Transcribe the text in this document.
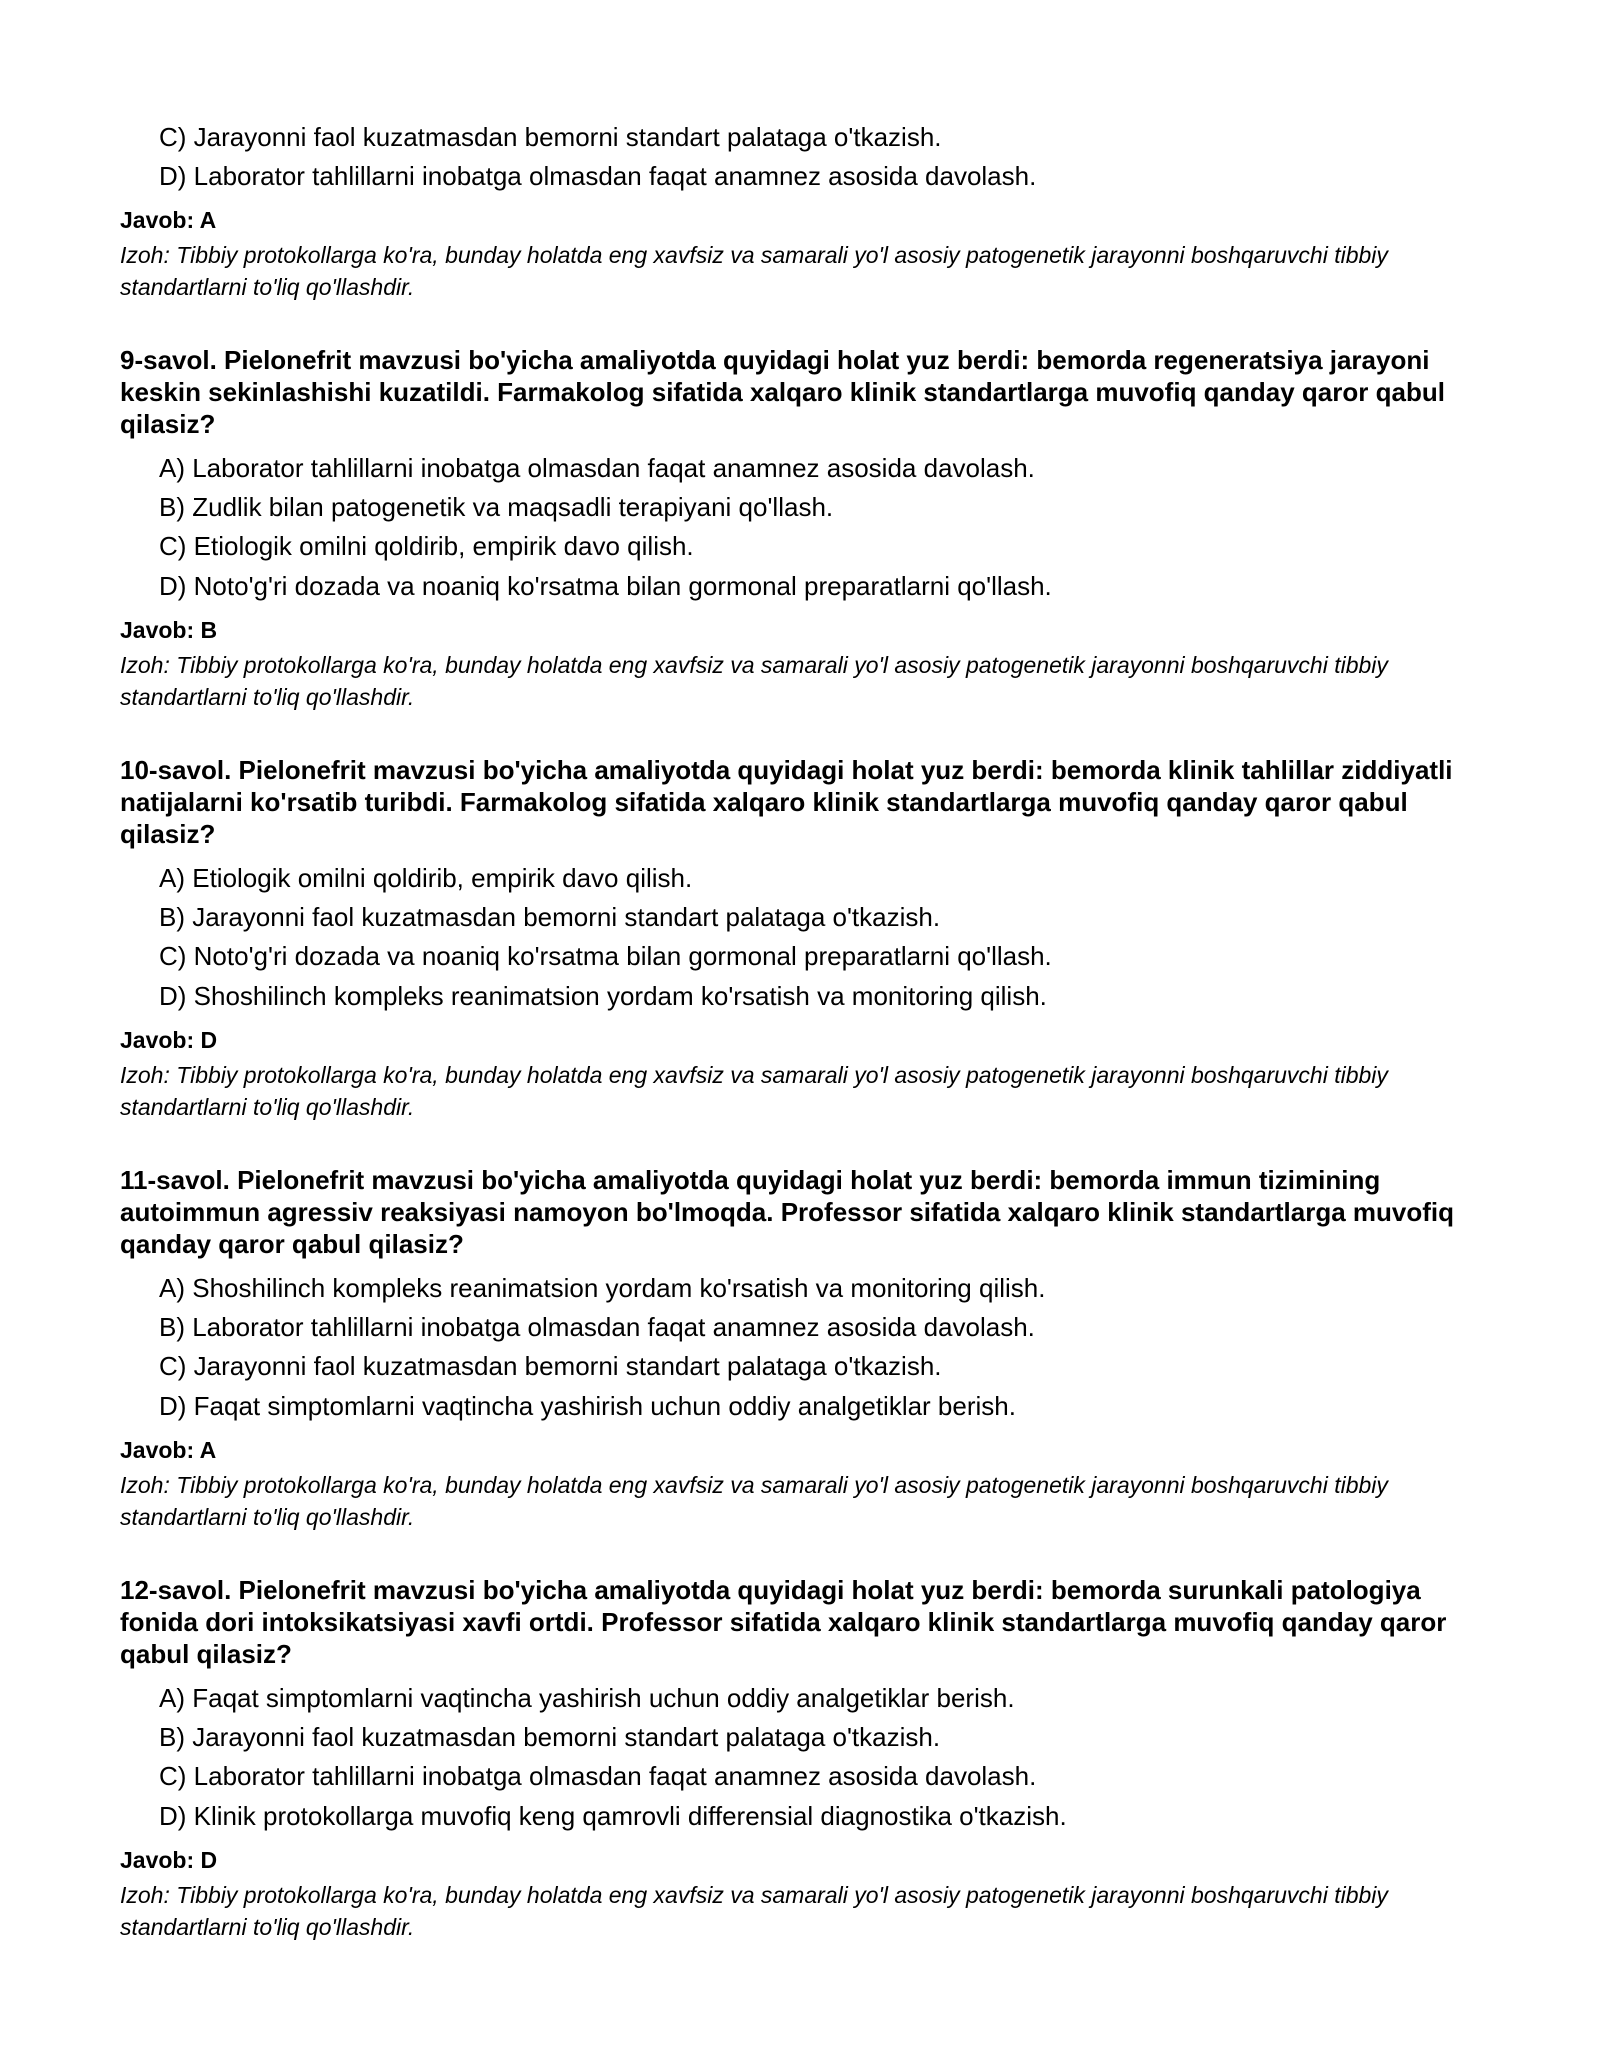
C) Jarayonni faol kuzatmasdan bemorni standart palataga o'tkazish.
D) Laborator tahlillarni inobatga olmasdan faqat anamnez asosida davolash.
Javob: A
Izoh: Tibbiy protokollarga ko'ra, bunday holatda eng xavfsiz va samarali yo'l asosiy patogenetik jarayonni boshqaruvchi tibbiy standartlarni to'liq qo'llashdir.
9-savol. Pielonefrit mavzusi bo'yicha amaliyotda quyidagi holat yuz berdi: bemorda regeneratsiya jarayoni keskin sekinlashishi kuzatildi. Farmakolog sifatida xalqaro klinik standartlarga muvofiq qanday qaror qabul qilasiz?
A) Laborator tahlillarni inobatga olmasdan faqat anamnez asosida davolash.
B) Zudlik bilan patogenetik va maqsadli terapiyani qo'llash.
C) Etiologik omilni qoldirib, empirik davo qilish.
D) Noto'g'ri dozada va noaniq ko'rsatma bilan gormonal preparatlarni qo'llash.
Javob: B
Izoh: Tibbiy protokollarga ko'ra, bunday holatda eng xavfsiz va samarali yo'l asosiy patogenetik jarayonni boshqaruvchi tibbiy standartlarni to'liq qo'llashdir.
10-savol. Pielonefrit mavzusi bo'yicha amaliyotda quyidagi holat yuz berdi: bemorda klinik tahlillar ziddiyatli natijalarni ko'rsatib turibdi. Farmakolog sifatida xalqaro klinik standartlarga muvofiq qanday qaror qabul qilasiz?
A) Etiologik omilni qoldirib, empirik davo qilish.
B) Jarayonni faol kuzatmasdan bemorni standart palataga o'tkazish.
C) Noto'g'ri dozada va noaniq ko'rsatma bilan gormonal preparatlarni qo'llash.
D) Shoshilinch kompleks reanimatsion yordam ko'rsatish va monitoring qilish.
Javob: D
Izoh: Tibbiy protokollarga ko'ra, bunday holatda eng xavfsiz va samarali yo'l asosiy patogenetik jarayonni boshqaruvchi tibbiy standartlarni to'liq qo'llashdir.
11-savol. Pielonefrit mavzusi bo'yicha amaliyotda quyidagi holat yuz berdi: bemorda immun tizimining autoimmun agressiv reaksiyasi namoyon bo'lmoqda. Professor sifatida xalqaro klinik standartlarga muvofiq qanday qaror qabul qilasiz?
A) Shoshilinch kompleks reanimatsion yordam ko'rsatish va monitoring qilish.
B) Laborator tahlillarni inobatga olmasdan faqat anamnez asosida davolash.
C) Jarayonni faol kuzatmasdan bemorni standart palataga o'tkazish.
D) Faqat simptomlarni vaqtincha yashirish uchun oddiy analgetiklar berish.
Javob: A
Izoh: Tibbiy protokollarga ko'ra, bunday holatda eng xavfsiz va samarali yo'l asosiy patogenetik jarayonni boshqaruvchi tibbiy standartlarni to'liq qo'llashdir.
12-savol. Pielonefrit mavzusi bo'yicha amaliyotda quyidagi holat yuz berdi: bemorda surunkali patologiya fonida dori intoksikatsiyasi xavfi ortdi. Professor sifatida xalqaro klinik standartlarga muvofiq qanday qaror qabul qilasiz?
A) Faqat simptomlarni vaqtincha yashirish uchun oddiy analgetiklar berish.
B) Jarayonni faol kuzatmasdan bemorni standart palataga o'tkazish.
C) Laborator tahlillarni inobatga olmasdan faqat anamnez asosida davolash.
D) Klinik protokollarga muvofiq keng qamrovli differensial diagnostika o'tkazish.
Javob: D
Izoh: Tibbiy protokollarga ko'ra, bunday holatda eng xavfsiz va samarali yo'l asosiy patogenetik jarayonni boshqaruvchi tibbiy standartlarni to'liq qo'llashdir.
